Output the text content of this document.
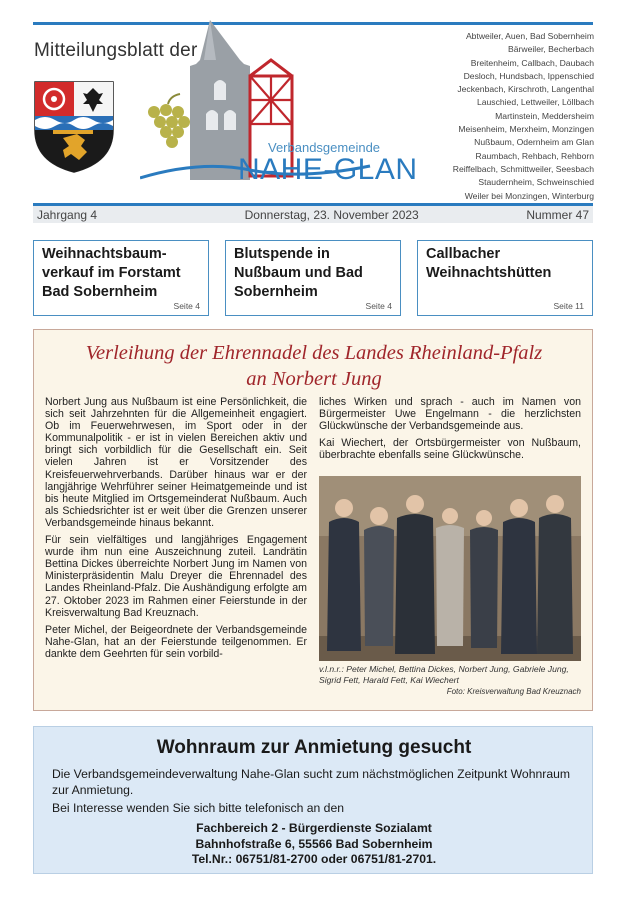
Mitteilungsblatt der
Verbandsgemeinde
NAHE-GLAN
Abtweiler, Auen, Bad Sobernheim
Bärweiler, Becherbach
Breitenheim, Callbach, Daubach
Desloch, Hundsbach, Ippenschied
Jeckenbach, Kirschroth, Langenthal
Lauschied, Lettweiler, Löllbach
Martinstein, Meddersheim
Meisenheim, Merxheim, Monzingen
Nußbaum, Odernheim am Glan
Raumbach, Rehbach, Rehborn
Reiffelbach, Schmittweiler, Seesbach
Staudernheim, Schweinschied
Weiler bei Monzingen, Winterburg
Jahrgang 4	Donnerstag, 23. November 2023	Nummer 47
Weihnachtsbaum-verkauf im Forstamt Bad Sobernheim
Seite 4
Blutspende in Nußbaum und Bad Sobernheim
Seite 4
Callbacher Weihnachtshütten
Seite 11
Verleihung der Ehrennadel des Landes Rheinland-Pfalz
an Norbert Jung

Norbert Jung aus Nußbaum ist eine Persönlichkeit, die sich seit Jahrzehnten für die Allgemeinheit engagiert. Ob im Feuerwehrwesen, im Sport oder in der Kommunalpolitik - er ist in vielen Bereichen aktiv und bringt sich vorbildlich für die Gesellschaft ein. Seit vielen Jahren ist er Vorsitzender des Kreisfeuerwehrverbands. Darüber hinaus war er der langjährige Wehrführer seiner Heimatgemeinde und ist bis heute Mitglied im Ortsgemeinderat Nußbaum. Auch als Schiedsrichter ist er weit über die Grenzen unserer Verbandsgemeinde hinaus bekannt.

Für sein vielfältiges und langjähriges Engagement wurde ihm nun eine Auszeichnung zuteil. Landrätin Bettina Dickes überreichte Norbert Jung im Namen von Ministerpräsidentin Malu Dreyer die Ehrennadel des Landes Rheinland-Pfalz. Die Aushändigung erfolgte am 27. Oktober 2023 im Rahmen einer Feierstunde in der Kreisverwaltung Bad Kreuznach.

Peter Michel, der Beigeordnete der Verbandsgemeinde Nahe-Glan, hat an der Feierstunde teilgenommen. Er dankte dem Geehrten für sein vorbild-

liches Wirken und sprach - auch im Namen von Bürgermeister Uwe Engelmann - die herzlichsten Glückwünsche der Verbandsgemeinde aus.

Kai Wiechert, der Ortsbürgermeister von Nußbaum, überbrachte ebenfalls seine Glückwünsche.

v.l.n.r.: Peter Michel, Bettina Dickes, Norbert Jung, Gabriele Jung, Sigrid Fett, Harald Fett, Kai Wiechert
Foto: Kreisverwaltung Bad Kreuznach
Wohnraum zur Anmietung gesucht

Die Verbandsgemeindeverwaltung Nahe-Glan sucht zum nächstmöglichen Zeitpunkt Wohnraum zur Anmietung.

Bei Interesse wenden Sie sich bitte telefonisch an den

Fachbereich 2 - Bürgerdienste Sozialamt
Bahnhofstraße 6, 55566 Bad Sobernheim
Tel.Nr.: 06751/81-2700 oder 06751/81-2701.
